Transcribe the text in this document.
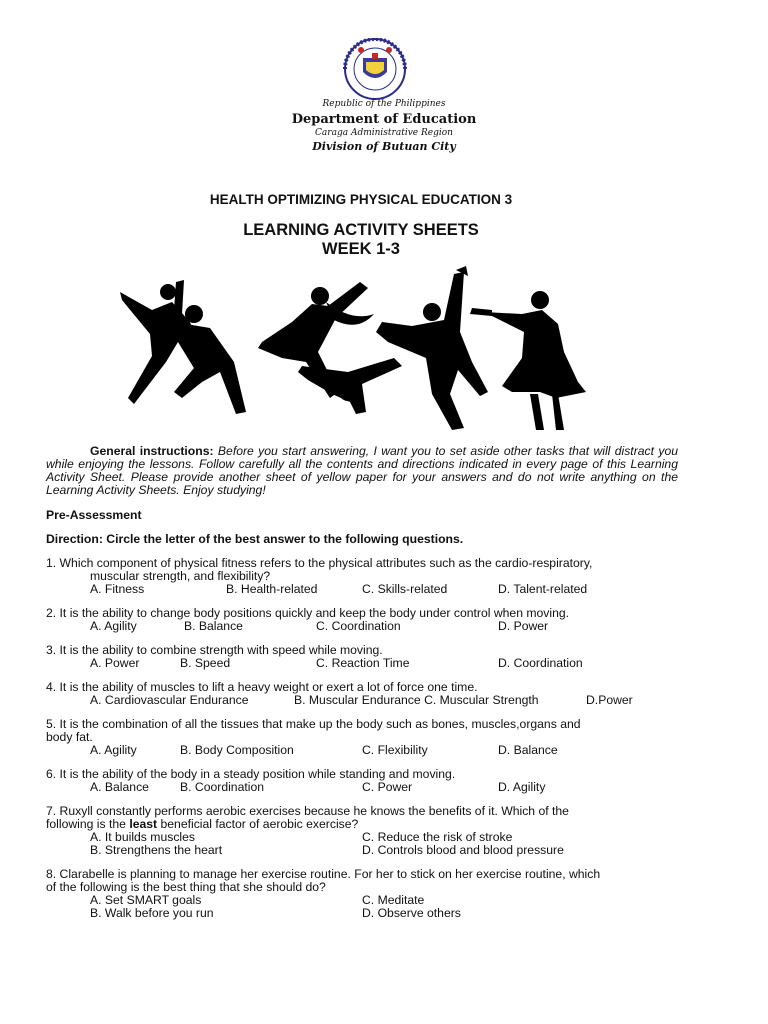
Republic of the Philippines
Department of Education
Caraga Administrative Region
Division of Butuan City
HEALTH OPTIMIZING PHYSICAL EDUCATION 3
LEARNING ACTIVITY SHEETS
WEEK 1-3
General instructions: Before you start answering, I want you to set aside other tasks that will distract you while enjoying the lessons. Follow carefully all the contents and directions indicated in every page of this Learning Activity Sheet. Please provide another sheet of yellow paper for your answers and do not write anything on the Learning Activity Sheets. Enjoy studying!
Pre-Assessment
Direction: Circle the letter of the best answer to the following questions.
1. Which component of physical fitness refers to the physical attributes such as the cardio-respiratory,
muscular strength, and flexibility?
A. Fitness	B. Health-related	C. Skills-related	D. Talent-related
2. It is the ability to change body positions quickly and keep the body under control when moving.
A. Agility	B. Balance	C. Coordination	D. Power
3. It is the ability to combine strength with speed while moving.
A. Power	B. Speed	C. Reaction Time	D. Coordination
4. It is the ability of muscles to lift a heavy weight or exert a lot of force one time.
A. Cardiovascular Endurance	B. Muscular Endurance C. Muscular Strength	D.Power
5. It is the combination of all the tissues that make up the body such as bones, muscles,organs and
body fat.
A. Agility	B. Body Composition	C. Flexibility	D. Balance
6. It is the ability of the body in a steady position while standing and moving.
A. Balance	B. Coordination	C. Power	D. Agility
7. Ruxyll constantly performs aerobic exercises because he knows the benefits of it. Which of the
following is the least beneficial factor of aerobic exercise?
A. It builds muscles	C. Reduce the risk of stroke
B. Strengthens the heart	D. Controls blood and blood pressure
8. Clarabelle is planning to manage her exercise routine. For her to stick on her exercise routine, which
of the following is the best thing that she should do?
A. Set SMART goals	C. Meditate
B. Walk before you run	D. Observe others
